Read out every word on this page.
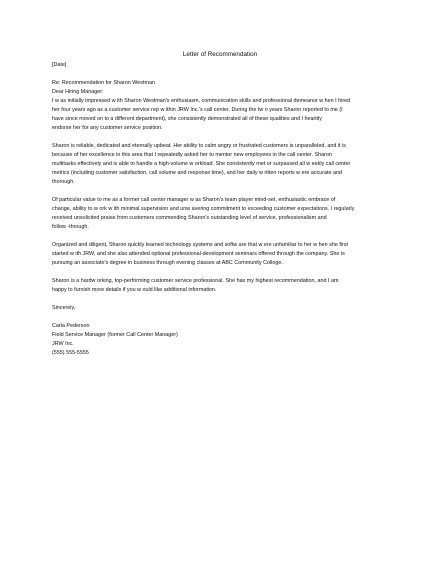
Letter of Recommendation
[Date]
Re: Recommendation for Sharon Westman
Dear Hiring Manager:
I w as initially impressed w ith Sharon Westman's enthusiasm, communication skills and professional demeanor w hen I hired
her four years ago as a customer service rep w ithin JRW Inc.'s call center. During the tw o years Sharon reported to me (I
have since moved on to a different department), she consistently demonstrated all of these qualities and I heartily
endorse her for any customer service position.
Sharon is reliable, dedicated and eternally upbeat. Her ability to calm angry or frustrated customers is unparalleled, and it is
because of her excellence in this area that I repeatedly asked her to mentor new employees in the call center. Sharon
multitasks effectively and is able to handle a high-volume w orkload. She consistently met or surpassed all w eekly call center
metrics (including customer satisfaction, call volume and response time), and her daily w ritten reports w ere accurate and
thorough.
Of particular value to me as a former call center manager w as Sharon's team player mind-set, enthusiastic embrace of
change, ability to w ork w ith minimal supervision and unw avering commitment to exceeding customer expectations. I regularly
received unsolicited praise from customers commending Sharon's outstanding level of service, professionalism and
follow -through.
Organized and diligent, Sharon quickly learned technology systems and softw are that w ere unfamiliar to her w hen she first
started w ith JRW, and she also attended optional professional-development seminars offered through the company. She is
pursuing an associate's degree in business through evening classes at ABC Community College.
Sharon is a hardw orking, top-performing customer service professional. She has my highest recommendation, and I am
happy to furnish more details if you w ould like additional information.
Sincerely,
Carla Pederson
Field Service Manager (former Call Center Manager)
JRW Inc.
(555) 555-5555
